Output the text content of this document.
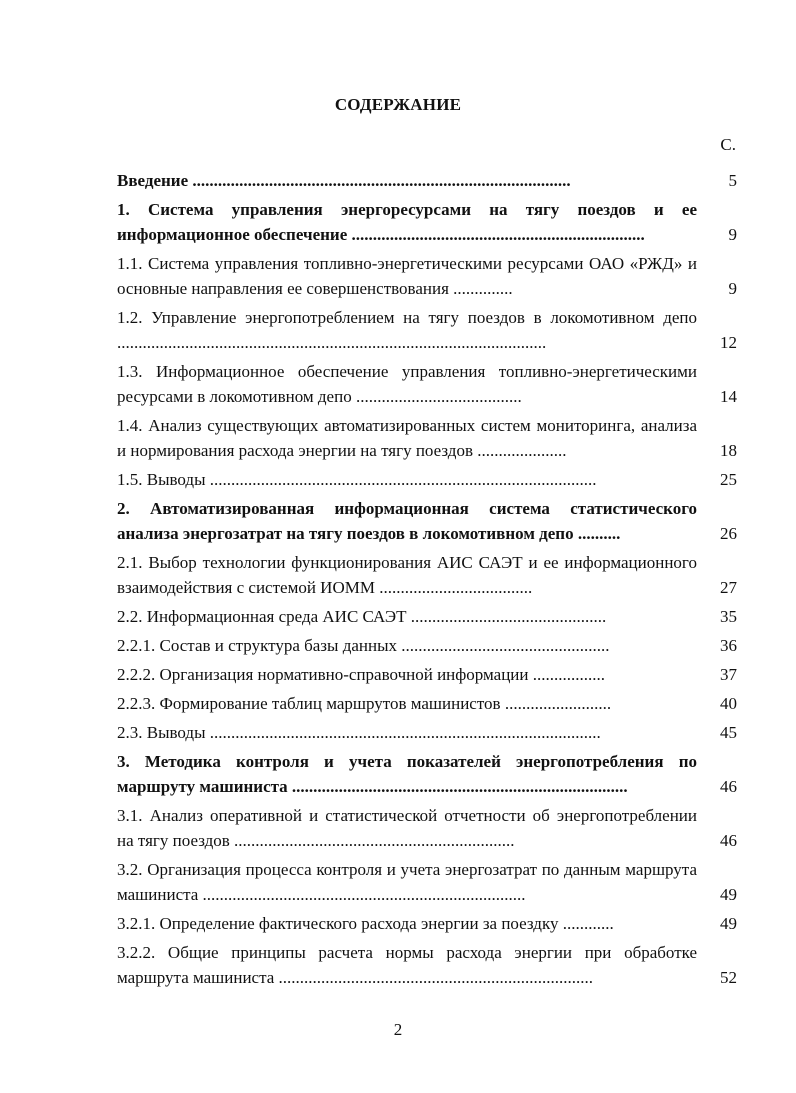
СОДЕРЖАНИЕ
С.
Введение .........................................................................................	5
1. Система управления энергоресурсами на тягу поездов и ее информационное обеспечение .....................................................................	9
1.1. Система управления топливно-энергетическими ресурсами ОАО «РЖД» и основные направления ее совершенствования ..............	9
1.2. Управление энергопотреблением на тягу поездов в локомотивном депо .....................................................................................................	12
1.3. Информационное обеспечение управления топливно-энергетическими ресурсами в локомотивном депо .......................................	14
1.4. Анализ существующих автоматизированных систем мониторинга, анализа и нормирования расхода энергии на тягу поездов .....................	18
1.5. Выводы ...........................................................................................	25
2. Автоматизированная информационная система статистического анализа энергозатрат на тягу поездов в локомотивном депо ..........	26
2.1. Выбор технологии функционирования АИС САЭТ и ее информационного взаимодействия с системой ИОММ ....................................	27
2.2. Информационная среда АИС САЭТ ..............................................	35
2.2.1. Состав и структура базы данных .................................................	36
2.2.2. Организация нормативно-справочной информации .................	37
2.2.3. Формирование таблиц маршрутов машинистов .........................	40
2.3. Выводы ............................................................................................	45
3. Методика контроля и учета показателей энергопотребления по маршруту машиниста ...............................................................................	46
3.1. Анализ оперативной и статистической отчетности об энергопотреблении на тягу поездов ..................................................................	46
3.2. Организация процесса контроля и учета энергозатрат по данным маршрута машиниста ............................................................................	49
3.2.1. Определение фактического расхода энергии за поездку ............	49
3.2.2. Общие принципы расчета нормы расхода энергии при обработке маршрута машиниста ..........................................................................	52
2
